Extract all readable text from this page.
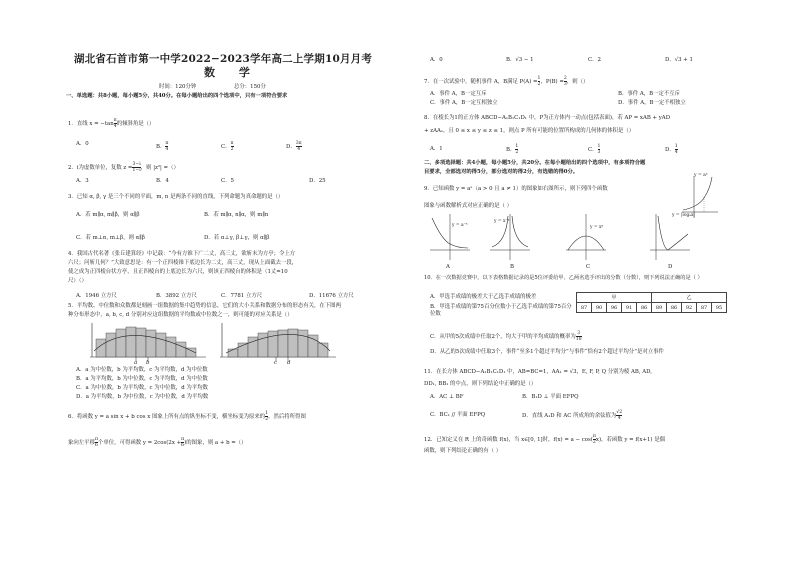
湖北省石首市第一中学2022−2023学年高二上学期10月月考
数 学
时间：120分钟	总分：150分
一、单选题：共8小题，每小题5分，共40分。在每小题给出的四个选项中，只有一项符合要求
1．直线 $x = -\tan \frac{\pi}{4}$ 的倾斜角是（）
A．0	B． $\frac{\pi}{4}$	C． $\frac{\pi}{2}$	D． $\frac{3\pi}{4}$
2．i为虚数单位，复数 $z = \frac{3-i}{1-i}$ ，则 |z²| =（）
A．3	B．4	C．5	D．25
3．已知 α, β, γ 是三个不同的平面，m, n 是两条不同的直线，下列命题为真命题的是（）
A．若 m∥α, m∥β，则 α∥β	B．若 m∥α, n∥α，则 m∥n
C．若 m⊥α, m⊥β，则 α∥β	D．若 α⊥γ, β⊥γ，则 α∥β
4．我国古代名著《张丘建算经》中记载：“今有方锥下广二丈，高三丈，欲斩末为方亭；令上方
六尺；问斩几何？”大致意思是：有一个正四棱锥下底边长为二丈，高三丈，现从上面截去一段，
使之成为正四棱台状方亭，且正四棱台的上底边长为六尺，则该正四棱台的体积是（1丈=10
尺）（）
A．1946 立方尺	B．3892 立方尺	C．7781 立方尺	D．11676 立方尺
5．平均数、中位数和众数都是刻画一组数据的集中趋势的信息，它们的大小关系和数据分布的形态有关，在下图两
种分布形态中，a, b, c, d 分别对应这组数据的平均数或中位数之一，则可能的对应关系是（）
a b	c d
A．a 为中位数，b 为平均数，c 为平均数，d 为中位数
B．a 为平均数，b 为中位数，c 为平均数，d 为中位数
C．a 为中位数，b 为平均数，c 为中位数，d 为平均数
D．a 为平均数，b 为中位数，c 为中位数，d 为平均数
6．将函数 y = a sin x + b cos x 图象上所有点的纵坐标不变，横坐标变为原来的 $\frac{1}{2}$ ，然后将所得图
象向左平移 $\frac{\pi}{6}$ 个单位，可得函数 $y = 2\cos(2x + \frac{\pi}{6}$ )的图象，则 a + b =（）
A．0	B．√3 − 1	C．2	D．√3 + 1
7．在一次试验中，随机事件 A，B满足 $P(A) = \frac{1}{2}$ ，$P(B) = \frac{2}{3}$ ，则（）
A．事件 A，B一定互斥	B．事件 A，B一定不互斥
C．事件 A，B一定互相独立	D．事件 A，B一定不相独立
8．在棱长为1的正方体 ABCD−A₁B₁C₁D₁ 中，P为正方体内一动点(包括表面)，若 AP = xAB + yAD
+ zAA₁，且 0 ≤ x ≤ y ≤ z ≤ 1，则点 P 所有可能的位置所构成的几何体的体积是（）
A．1	B． $\frac{1}{2}$	C． $\frac{1}{3}$	D． $\frac{1}{4}$
二、多项选择题：共4小题，每小题5分，共20分。在每小题给出的四个选项中，有多项符合题
目要求，全部选对的得5分，部分选对的得2分，有选错的得0分。
9．已知函数 y = aˣ（a > 0 且 a ≠ 1）的图象如右图所示，则下列四个函数
图象与函数解析式对应正确的是（ ）
y = aˣ
y = a⁻ˣ
y = x⁻ᵃ
y = xᵃ
y = |logₐx|
A	B	C	D
10．在一次数据竞赛中，以下表格数据记录的是5位评委给甲、乙两名选手评出的分数（分数），则下列说法正确的是（ ）
甲					乙				
87	90	96	91	86	89	86	92	87	95
A．甲选手成绩的极差大于乙选手成绩的极差
B．甲选手成绩的第75百分位数小于乙选手成绩的第75百分位数
C．从甲的5次成绩中任取2个，均大于甲的平均成绩的概率为 $\frac{3}{10}$
D．从乙的5次成绩中任取3个，事件“至多1个超过平均分”与事件“恰有2个超过平均分”是对立事件
11．在长方体 ABCD−A₁B₁C₁D₁ 中，AB=BC=1，AA₁ = √3，E, F, P, Q 分别为棱 AB, AD,
DD₁, BB₁ 的中点，则下列结论中正确的是（）
A．AC ⊥ BF	B．B₁D ⊥ 平面 EFPQ
C．BC₁ // 平面 EFPQ	D．直线 A₁D 和 AC 所成角的余弦值为 $\frac{√2}{4}$
12．已知定义在 R 上的奇函数 f(x)，当 x∈[0, 1]时，$f(x) = a - \cos( \frac{\pi}{2} x)$，若函数 y = f(x+1) 是偶
函数，则下列结论正确的有（ ）
